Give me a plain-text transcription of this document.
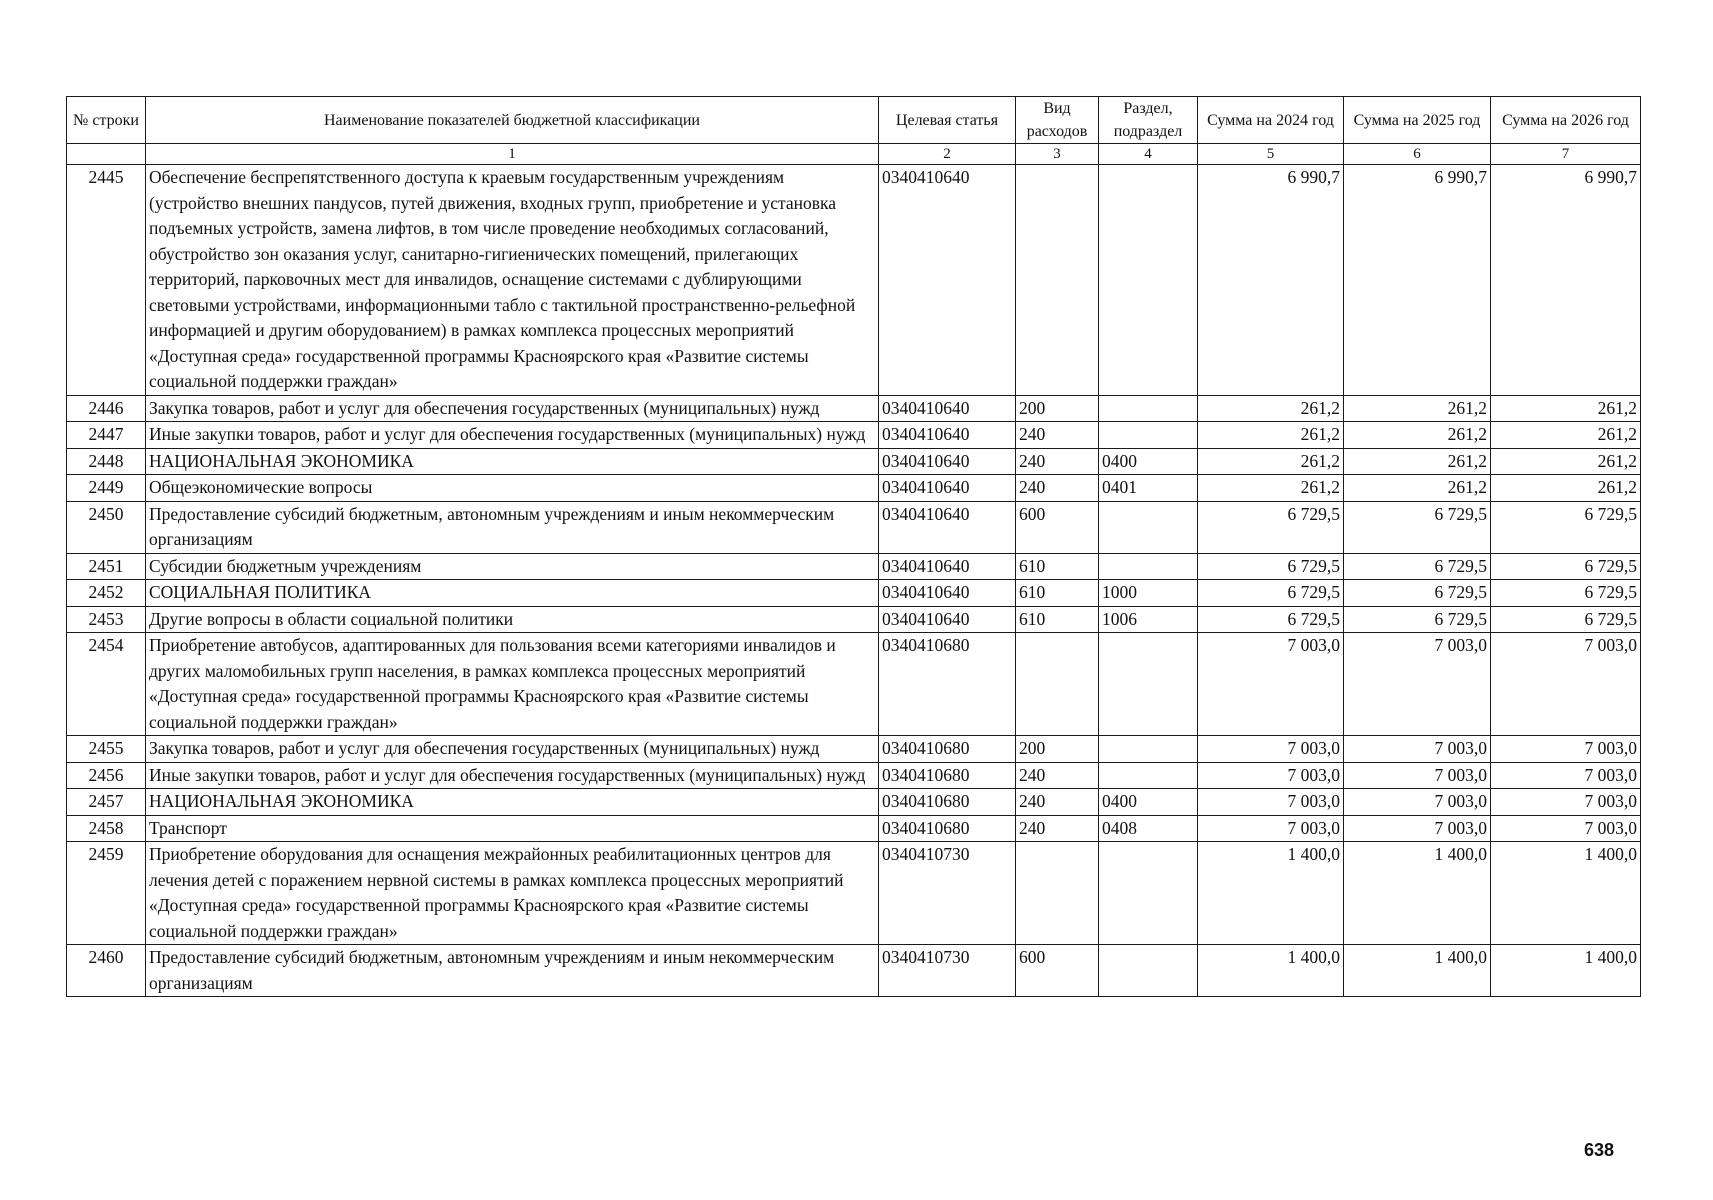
№ строки	Наименование показателей бюджетной классификации	Целевая статья	Вид расходов	Раздел, подраздел	Сумма на 2024 год	Сумма на 2025 год	Сумма на 2026 год
	1	2	3	4	5	6	7
2445	Обеспечение беспрепятственного доступа к краевым государственным учреждениям (устройство внешних пандусов, путей движения, входных групп, приобретение и установка подъемных устройств, замена лифтов, в том числе проведение необходимых согласований, обустройство зон оказания услуг, санитарно-гигиенических помещений, прилегающих территорий, парковочных мест для инвалидов, оснащение системами с дублирующими световыми устройствами, информационными табло с тактильной пространственно-рельефной информацией и другим оборудованием) в рамках комплекса процессных мероприятий «Доступная среда» государственной программы Красноярского края «Развитие системы социальной поддержки граждан»	0340410640			6 990,7	6 990,7	6 990,7
2446	Закупка товаров, работ и услуг для обеспечения государственных (муниципальных) нужд	0340410640	200		261,2	261,2	261,2
2447	Иные закупки товаров, работ и услуг для обеспечения государственных (муниципальных) нужд	0340410640	240		261,2	261,2	261,2
2448	НАЦИОНАЛЬНАЯ ЭКОНОМИКА	0340410640	240	0400	261,2	261,2	261,2
2449	Общеэкономические вопросы	0340410640	240	0401	261,2	261,2	261,2
2450	Предоставление субсидий бюджетным, автономным учреждениям и иным некоммерческим организациям	0340410640	600		6 729,5	6 729,5	6 729,5
2451	Субсидии бюджетным учреждениям	0340410640	610		6 729,5	6 729,5	6 729,5
2452	СОЦИАЛЬНАЯ ПОЛИТИКА	0340410640	610	1000	6 729,5	6 729,5	6 729,5
2453	Другие вопросы в области социальной политики	0340410640	610	1006	6 729,5	6 729,5	6 729,5
2454	Приобретение автобусов, адаптированных для пользования всеми категориями инвалидов и других маломобильных групп населения, в рамках комплекса процессных мероприятий «Доступная среда» государственной программы Красноярского края «Развитие системы социальной поддержки граждан»	0340410680			7 003,0	7 003,0	7 003,0
2455	Закупка товаров, работ и услуг для обеспечения государственных (муниципальных) нужд	0340410680	200		7 003,0	7 003,0	7 003,0
2456	Иные закупки товаров, работ и услуг для обеспечения государственных (муниципальных) нужд	0340410680	240		7 003,0	7 003,0	7 003,0
2457	НАЦИОНАЛЬНАЯ ЭКОНОМИКА	0340410680	240	0400	7 003,0	7 003,0	7 003,0
2458	Транспорт	0340410680	240	0408	7 003,0	7 003,0	7 003,0
2459	Приобретение оборудования для оснащения межрайонных реабилитационных центров для лечения детей с поражением нервной системы в рамках комплекса процессных мероприятий «Доступная среда» государственной программы Красноярского края «Развитие системы социальной поддержки граждан»	0340410730			1 400,0	1 400,0	1 400,0
2460	Предоставление субсидий бюджетным, автономным учреждениям и иным некоммерческим организациям	0340410730	600		1 400,0	1 400,0	1 400,0
638
